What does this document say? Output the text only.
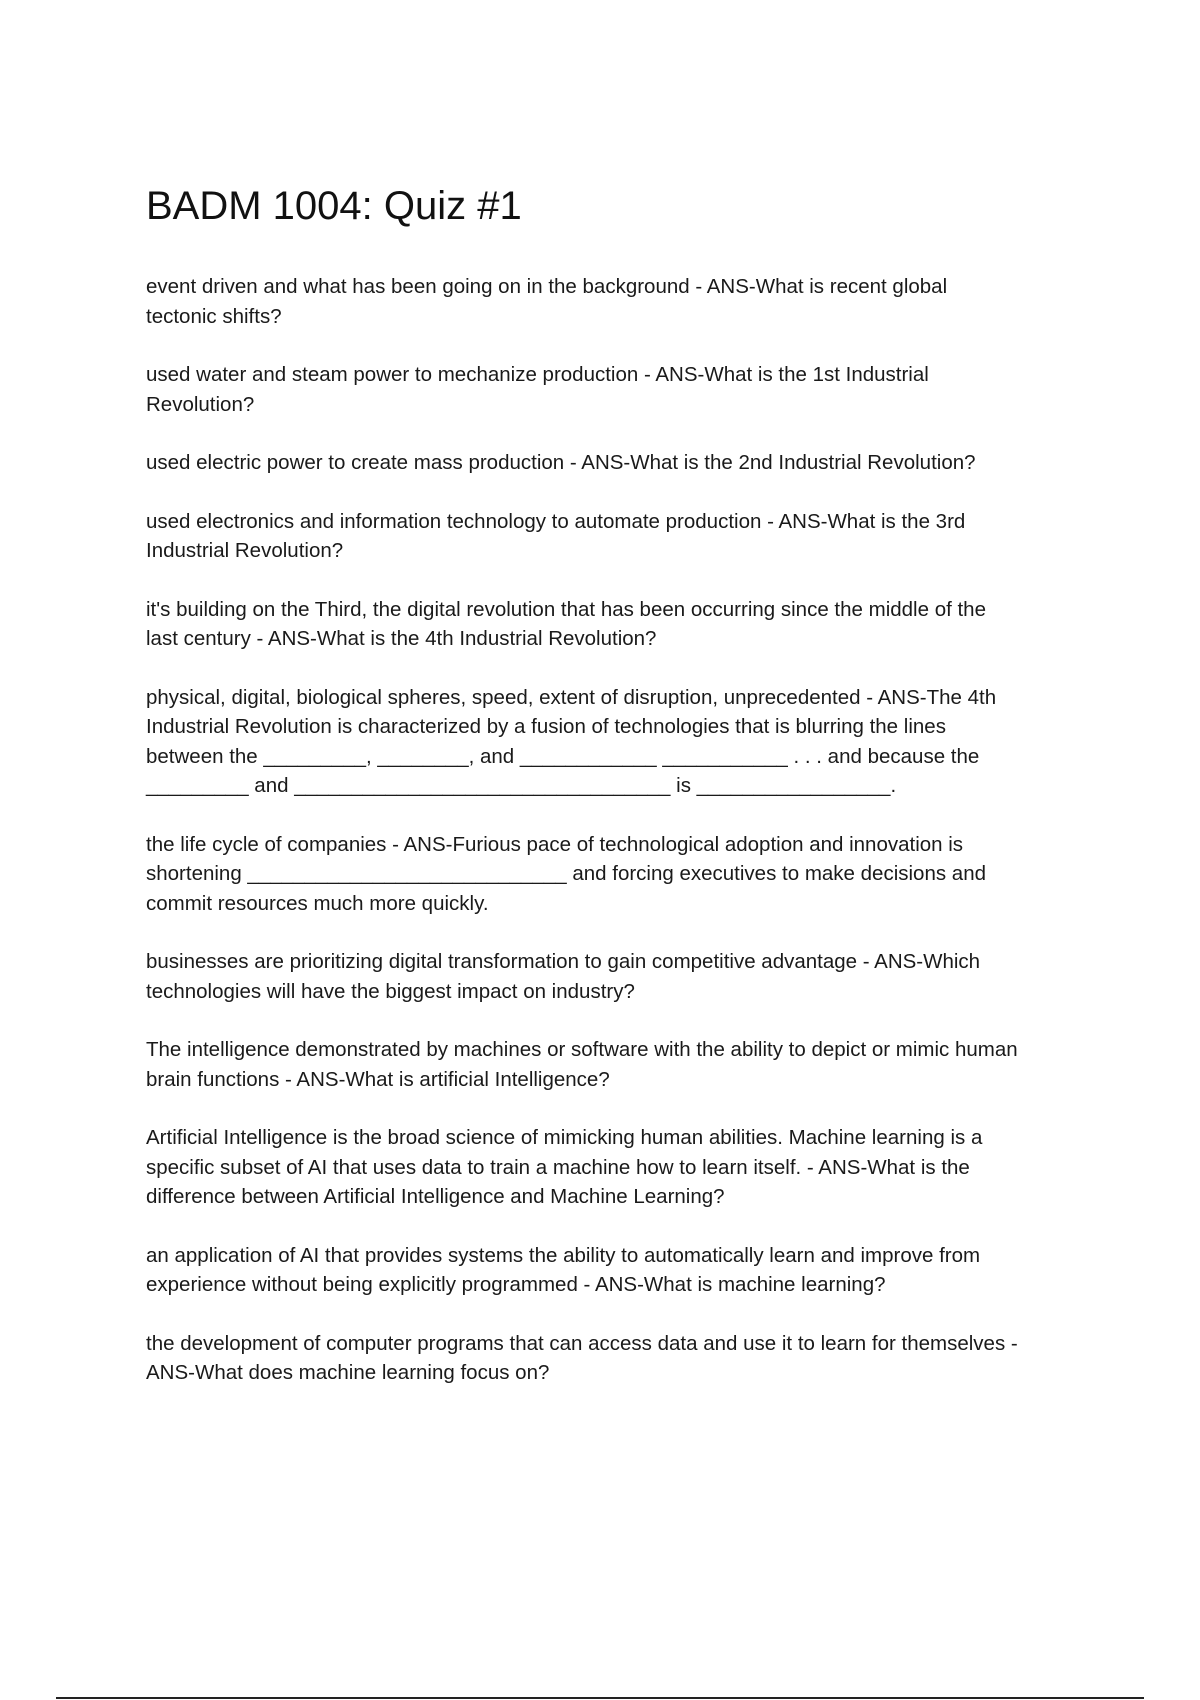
BADM 1004: Quiz #1

event driven and what has been going on in the background - ANS-What is recent global
tectonic shifts?

used water and steam power to mechanize production - ANS-What is the 1st Industrial
Revolution?

used electric power to create mass production - ANS-What is the 2nd Industrial Revolution?

used electronics and information technology to automate production - ANS-What is the 3rd
Industrial Revolution?

it's building on the Third, the digital revolution that has been occurring since the middle of the
last century - ANS-What is the 4th Industrial Revolution?

physical, digital, biological spheres, speed, extent of disruption, unprecedented - ANS-The 4th
Industrial Revolution is characterized by a fusion of technologies that is blurring the lines
between the _________, ________, and ____________ ___________ . . . and because the
_________ and _________________________________ is _________________.

the life cycle of companies - ANS-Furious pace of technological adoption and innovation is
shortening ____________________________ and forcing executives to make decisions and
commit resources much more quickly.

businesses are prioritizing digital transformation to gain competitive advantage - ANS-Which
technologies will have the biggest impact on industry?

The intelligence demonstrated by machines or software with the ability to depict or mimic human
brain functions - ANS-What is artificial Intelligence?

Artificial Intelligence is the broad science of mimicking human abilities. Machine learning is a
specific subset of AI that uses data to train a machine how to learn itself. - ANS-What is the
difference between Artificial Intelligence and Machine Learning?

an application of AI that provides systems the ability to automatically learn and improve from
experience without being explicitly programmed - ANS-What is machine learning?

the development of computer programs that can access data and use it to learn for themselves -
ANS-What does machine learning focus on?
